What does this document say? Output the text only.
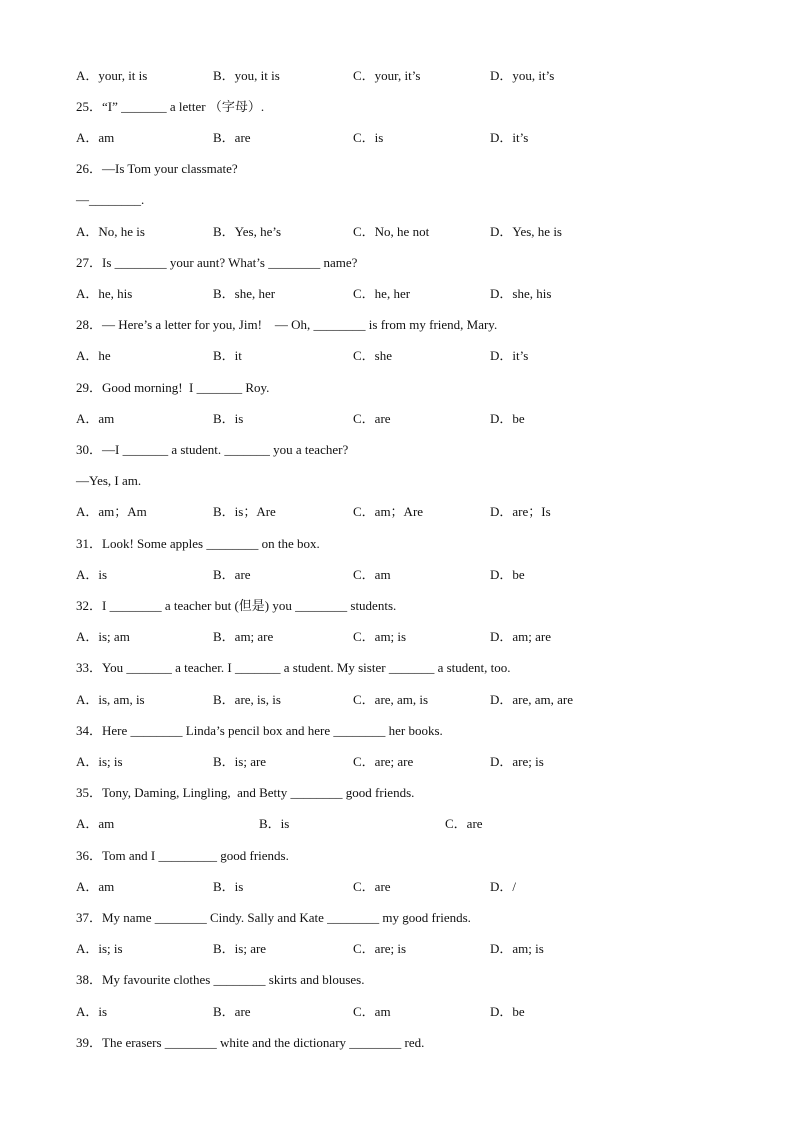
A．your, it is	B．you, it is	C．your, it’s	D．you, it’s
25．“I” _______ a letter （字母）.
A．am	B．are	C．is	D．it’s
26．—Is Tom your classmate?
—________.
A．No, he is	B．Yes, he’s	C．No, he not	D．Yes, he is
27．Is ________ your aunt? What’s ________ name?
A．he, his	B．she, her	C．he, her	D．she, his
28．— Here’s a letter for you, Jim!    — Oh, ________ is from my friend, Mary.
A．he	B．it	C．she	D．it’s
29．Good morning!  I _______ Roy.
A．am	B．is	C．are	D．be
30．—I _______ a student. _______ you a teacher?
—Yes, I am.
A．am；Am	B．is；Are	C．am；Are	D．are；Is
31．Look! Some apples ________ on the box.
A．is	B．are	C．am	D．be
32．I ________ a teacher but (但是) you ________ students.
A．is; am	B．am; are	C．am; is	D．am; are
33．You _______ a teacher. I _______ a student. My sister _______ a student, too.
A．is, am, is	B．are, is, is	C．are, am, is	D．are, am, are
34．Here ________ Linda’s pencil box and here ________ her books.
A．is; is	B．is; are	C．are; are	D．are; is
35．Tony, Daming, Lingling,  and Betty ________ good friends.
A．am	B．is	C．are
36．Tom and I _________ good friends.
A．am	B．is	C．are	D．/
37．My name ________ Cindy. Sally and Kate ________ my good friends.
A．is; is	B．is; are	C．are; is	D．am; is
38．My favourite clothes ________ skirts and blouses.
A．is	B．are	C．am	D．be
39．The erasers ________ white and the dictionary ________ red.
